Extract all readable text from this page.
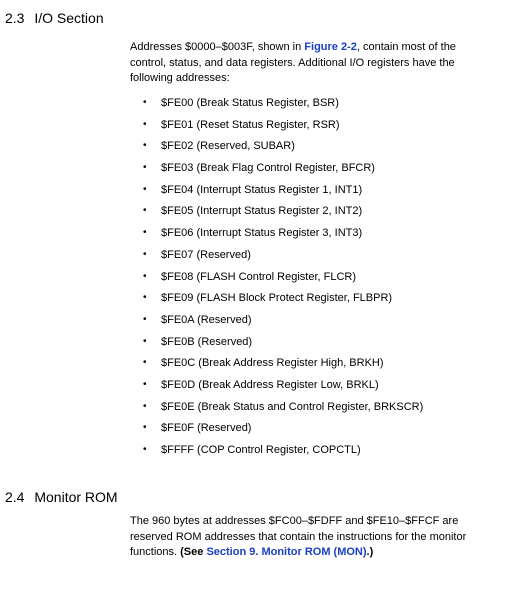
2.3 I/O Section

Addresses $0000–$003F, shown in Figure 2-2, contain most of the control, status, and data registers. Additional I/O registers have the following addresses:

• $FE00 (Break Status Register, BSR)
• $FE01 (Reset Status Register, RSR)
• $FE02 (Reserved, SUBAR)
• $FE03 (Break Flag Control Register, BFCR)
• $FE04 (Interrupt Status Register 1, INT1)
• $FE05 (Interrupt Status Register 2, INT2)
• $FE06 (Interrupt Status Register 3, INT3)
• $FE07 (Reserved)
• $FE08 (FLASH Control Register, FLCR)
• $FE09 (FLASH Block Protect Register, FLBPR)
• $FE0A (Reserved)
• $FE0B (Reserved)
• $FE0C (Break Address Register High, BRKH)
• $FE0D (Break Address Register Low, BRKL)
• $FE0E (Break Status and Control Register, BRKSCR)
• $FE0F (Reserved)
• $FFFF (COP Control Register, COPCTL)
2.4 Monitor ROM

The 960 bytes at addresses $FC00–$FDFF and $FE10–$FFCF are reserved ROM addresses that contain the instructions for the monitor functions. (See Section 9. Monitor ROM (MON).)
